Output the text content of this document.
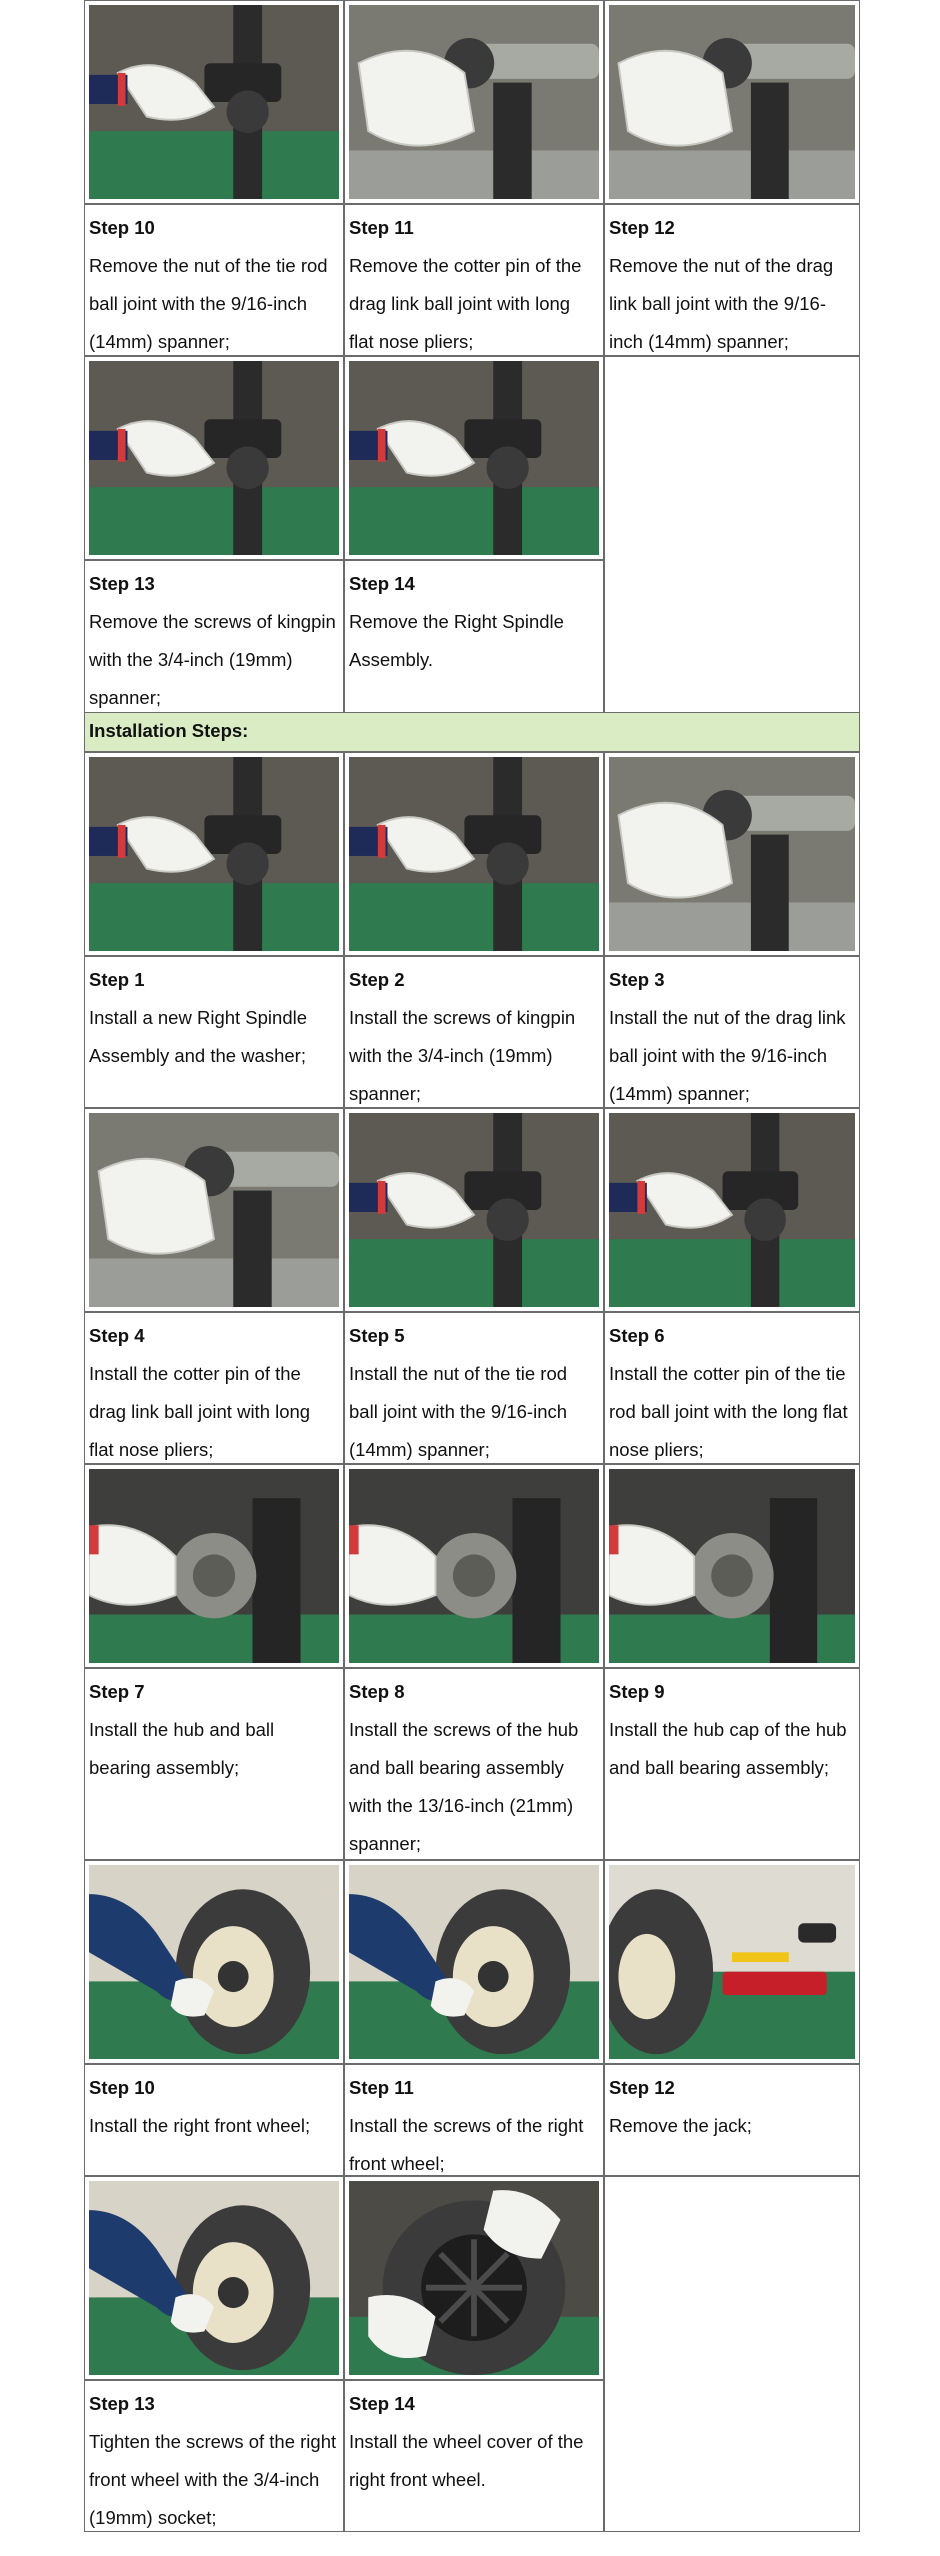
Step 10
Remove the nut of the tie rod ball joint with the 9/16-inch (14mm) spanner;
Step 11
Remove the cotter pin of the drag link ball joint with long flat nose pliers;
Step 12
Remove the nut of the drag link ball joint with the 9/16-inch (14mm) spanner;
Step 13
Remove the screws of kingpin with the 3/4-inch (19mm) spanner;
Step 14
Remove the Right Spindle Assembly.
Installation Steps:
Step 1
Install a new Right Spindle Assembly and the washer;
Step 2
Install the screws of kingpin with the 3/4-inch (19mm) spanner;
Step 3
Install the nut of the drag link ball joint with the 9/16-inch (14mm) spanner;
Step 4
Install the cotter pin of the drag link ball joint with long flat nose pliers;
Step 5
Install the nut of the tie rod ball joint with the 9/16-inch (14mm) spanner;
Step 6
Install the cotter pin of the tie rod ball joint with the long flat nose pliers;
Step 7
Install the hub and ball bearing assembly;
Step 8
Install the screws of the hub and ball bearing assembly with the 13/16-inch (21mm) spanner;
Step 9
Install the hub cap of the hub and ball bearing assembly;
Step 10
Install the right front wheel;
Step 11
Install the screws of the right front wheel;
Step 12
Remove the jack;
Step 13
Tighten the screws of the right front wheel with the 3/4-inch (19mm) socket;
Step 14
Install the wheel cover of the right front wheel.
